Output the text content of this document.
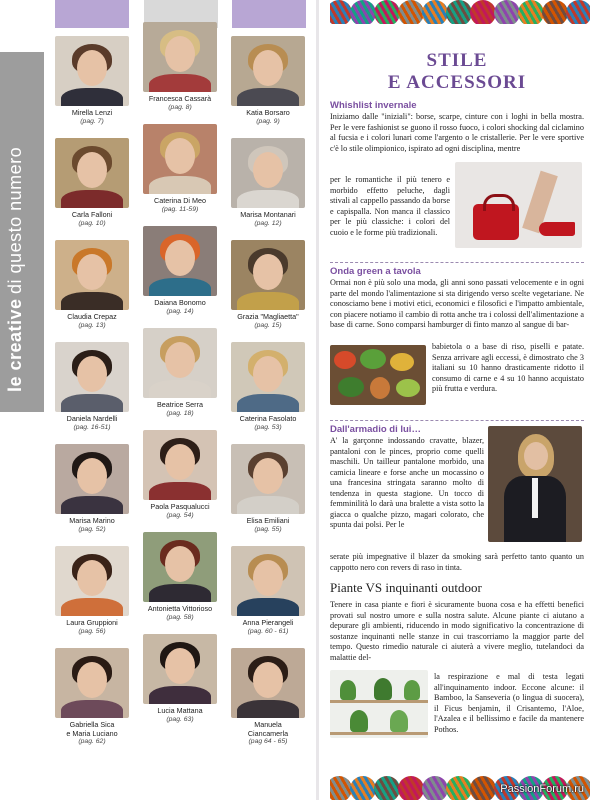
le creative di questo numero
Mirella Lenzi
(pag. 7)
Carla Falloni
(pag. 10)
Claudia Crepaz
(pag. 13)
Daniela Nardelli
(pag. 16-51)
Marisa Marino
(pag. 52)
Laura Gruppioni
(pag. 56)
Gabriella Sica
e Maria Luciano
(pag. 62)
Francesca Cassarà
(pag. 8)
Caterina Di Meo
(pag. 11-59)
Daiana Bonomo
(pag. 14)
Beatrice Serra
(pag. 18)
Paola Pasqualucci
(pag. 54)
Antonietta Vittorioso
(pag. 58)
Lucia Mattana
(pag. 63)
Katia Borsaro
(pag. 9)
Marisa Montanari
(pag. 12)
Grazia "Magliaetta"
(pag. 15)
Caterina Fasolato
(pag. 53)
Elisa Emiliani
(pag. 55)
Anna Pierangeli
(pag. 60 - 61)
Manuela
Ciancamerla
(pag 64 - 65)
STILE
E ACCESSORI
Whishlist invernale
Iniziamo dalle "iniziali": borse, scarpe, cinture con i loghi in bella mostra. Per le vere fashionist se guono il rosso fuoco, i colori shocking dal ciclamino al fucsia e i colori lunari come l'argento o le cristallerie. Per le vere sportive c'è lo stile olimpionico, ispirato ad ogni disciplina, mentre
per le romantiche il più tenero e morbido effetto peluche, dagli stivali al cappello passando da borse e capispalla. Non manca il classico per le più classiche: i colori del cuoio e le forme più tradizionali.
Onda green a tavola
Ormai non è più solo una moda, gli anni sono passati velocemente e in ogni parte del mondo l'alimentazione si sta dirigendo verso scelte vegetariane. Ne conosciamo bene i motivi etici, economici e filosofici e l'impatto ambientale, con piacere notiamo il cambio di rotta anche tra i colossi dell'alimentazione a base di carne. Sono comparsi hamburger di finto manzo al sangue di bar-
babietola o a base di riso, piselli e patate. Senza arrivare agli eccessi, è dimostrato che 3 italiani su 10 hanno drasticamente ridotto il consumo di carne e 4 su 10 hanno acquistato più frutta e verdura.
Dall'armadio di lui…
A' la garçonne indossando cravatte, blazer, pantaloni con le pinces, proprio come quelli maschili. Un tailleur pantalone morbido, una camicia lineare e forse anche un mocassino o una francesina stringata saranno molto di tendenza in questa stagione. Un tocco di femminilità lo darà una bralette a vista sotto la giacca o qualche pizzo, magari colorato, che spunta dai polsi. Per le
serate più impegnative il blazer da smoking sarà perfetto tanto quanto un cappotto nero con revers di raso in tinta.
Piante VS inquinanti outdoor
Tenere in casa piante e fiori è sicuramente buona cosa e ha effetti benefici provati sul nostro umore e sulla nostra salute. Alcune piante ci aiutano a depurare gli ambienti, riducendo in modo significativo la concentrazione di sostanze inquinanti nelle stanze in cui trascorriamo la maggior parte del tempo. Questo rimedio naturale ci aiuterà a vivere meglio, tutelandoci da malattie del-
la respirazione e mal di testa legati all'inquinamento indoor. Eccone alcune: il Bamboo, la Sanseveria (o lingua di suocera), il Ficus benjamin, il Crisantemo, l'Aloe, l'Azalea e il bellissimo e facile da mantenere Pothos.
PassionForum.ru
